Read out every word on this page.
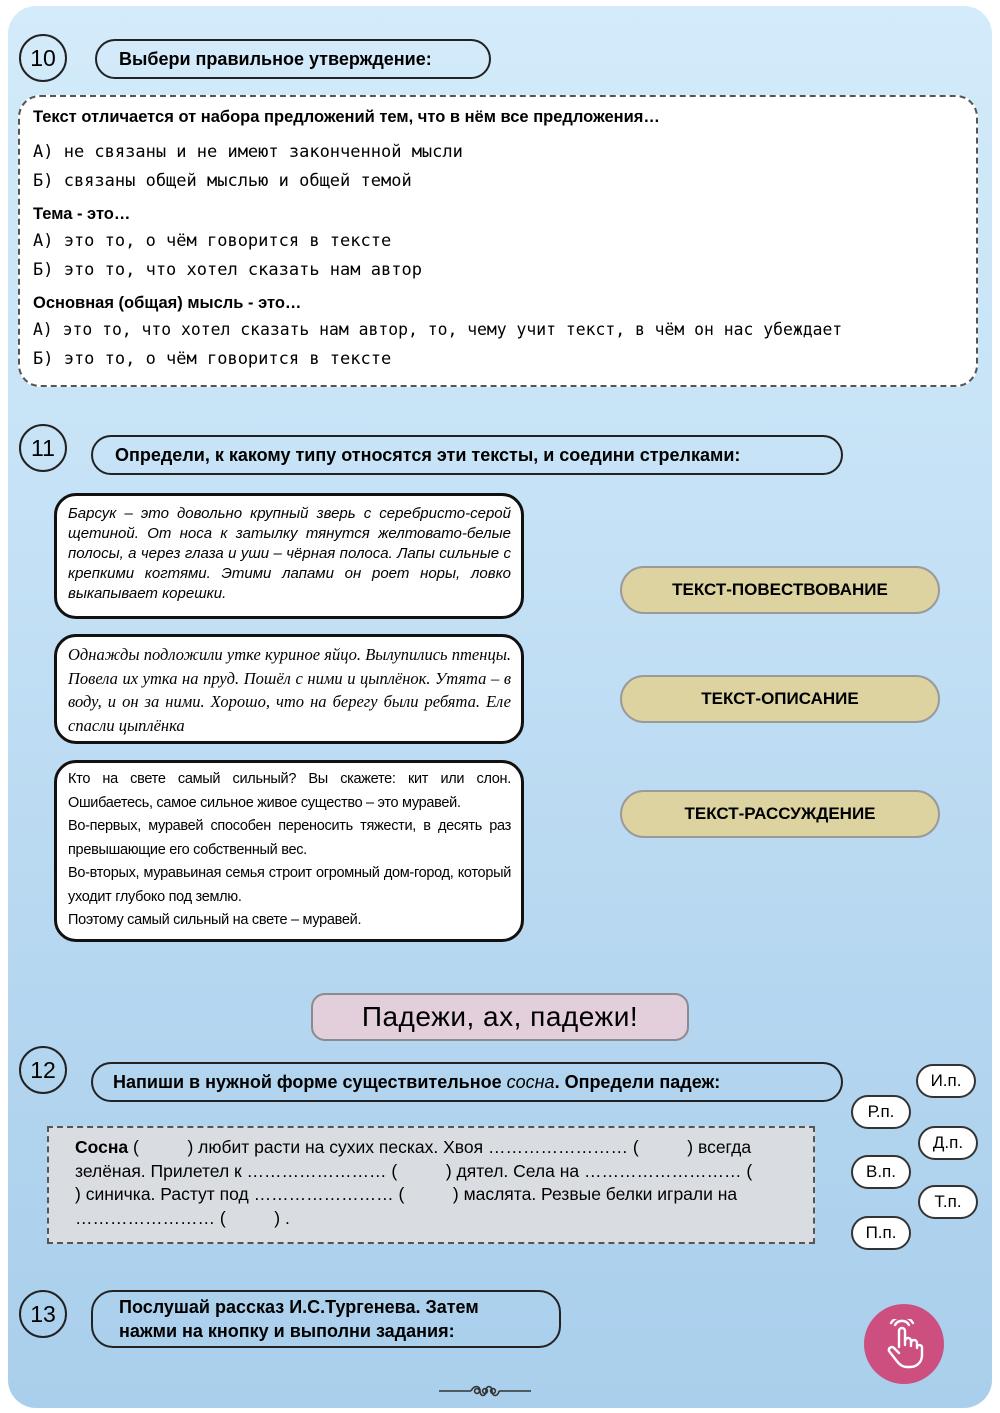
10	Выбери правильное утверждение:
Текст отличается от набора предложений тем, что в нём все предложения…
А) не связаны и не имеют законченной мысли
Б) связаны общей мыслью и общей темой
Тема - это…
А) это то, о чём говорится в тексте
Б) это то, что хотел сказать нам автор
Основная (общая) мысль - это…
А) это то, что хотел сказать нам автор, то, чему учит текст, в чём он нас убеждает
Б) это то, о чём говорится в тексте
11	Определи, к какому типу относятся эти тексты, и соедини стрелками:

Барсук – это довольно крупный зверь с серебристо-серой щетиной. От носа к затылку тянутся желтовато-белые полосы, а через глаза и уши – чёрная полоса. Лапы сильные с крепкими когтями. Этими лапами он роет норы, ловко выкапывает корешки.

Однажды подложили утке куриное яйцо. Вылупились птенцы. Повела их утка на пруд. Пошёл с ними и цыплёнок. Утята – в воду, и он за ними. Хорошо, что на берегу были ребята. Еле спасли цыплёнка

Кто на свете самый сильный? Вы скажете: кит или слон. Ошибаетесь, самое сильное живое существо – это муравей.

Во-первых, муравей способен переносить тяжести, в десять раз превышающие его собственный вес.

Во-вторых, муравьиная семья строит огромный дом-город, который уходит глубоко под землю.

Поэтому самый сильный на свете – муравей.

ТЕКСТ-ПОВЕСТВОВАНИЕ
ТЕКСТ-ОПИСАНИЕ
ТЕКСТ-РАССУЖДЕНИЕ
Падежи, ах, падежи!
12	Напиши в нужной форме существительное сосна . Определи падеж:
Сосна (          ) любит расти на сухих песках. Хвоя …………………… (          ) всегда зелёная. Прилетел к …………………… (          ) дятел. Села на ……………………… (          ) синичка. Растут под …………………… (          ) маслята. Резвые белки играли на …………………… (          ) .
И.п.
Р.п.
Д.п.
В.п.
Т.п.
П.п.
13	Послушай рассказ И.С.Тургенева. Затем
нажми на кнопку и выполни задания:
